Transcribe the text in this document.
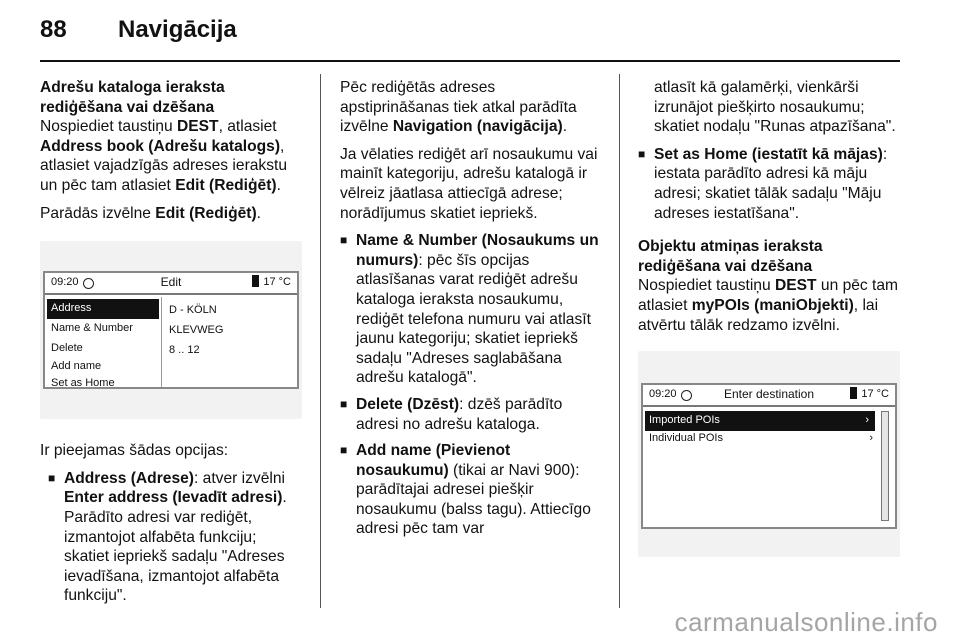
88	Navigācija
Adrešu kataloga ieraksta rediģēšana vai dzēšana

Nospiediet taustiņu DEST, atlasiet Address book (Adrešu katalogs), atlasiet vajadzīgās adreses ierakstu un pēc tam atlasiet Edit (Rediģēt).

Parādās izvēlne Edit (Rediģēt).

09:20	Edit	17 °C
Address
Name & Number
Delete
Add name
Set as Home
D - KÖLN
KLEVWEG
8 .. 12

Ir pieejamas šādas opcijas:

■ Address (Adrese): atver izvēlni Enter address (Ievadīt adresi). Parādīto adresi var rediģēt, izmantojot alfabēta funkciju; skatiet iepriekš sadaļu "Adreses ievadīšana, izmantojot alfabēta funkciju".

Pēc rediģētās adreses apstiprināšanas tiek atkal parādīta izvēlne Navigation (navigācija).

Ja vēlaties rediģēt arī nosaukumu vai mainīt kategoriju, adrešu katalogā ir vēlreiz jāatlasa attiecīgā adrese; norādījumus skatiet iepriekš.

■ Name & Number (Nosaukums un numurs): pēc šīs opcijas atlasīšanas varat rediģēt adrešu kataloga ieraksta nosaukumu, rediģēt telefona numuru vai atlasīt jaunu kategoriju; skatiet iepriekš sadaļu "Adreses saglabāšana adrešu katalogā".
■ Delete (Dzēst): dzēš parādīto adresi no adrešu kataloga.
■ Add name (Pievienot nosaukumu) (tikai ar Navi 900): parādītajai adresei piešķir nosaukumu (balss tagu). Attiecīgo adresi pēc tam var

atlasīt kā galamērķi, vienkārši izrunājot piešķirto nosaukumu; skatiet nodaļu "Runas atpazīšana".

■ Set as Home (iestatīt kā mājas): iestata parādīto adresi kā māju adresi; skatiet tālāk sadaļu "Māju adreses iestatīšana".
Objektu atmiņas ieraksta rediģēšana vai dzēšana

Nospiediet taustiņu DEST un pēc tam atlasiet myPOIs (maniObjekti), lai atvērtu tālāk redzamo izvēlni.

09:20	Enter destination	17 °C
Imported POIs	›
Individual POIs	›
carmanualsonline.info
